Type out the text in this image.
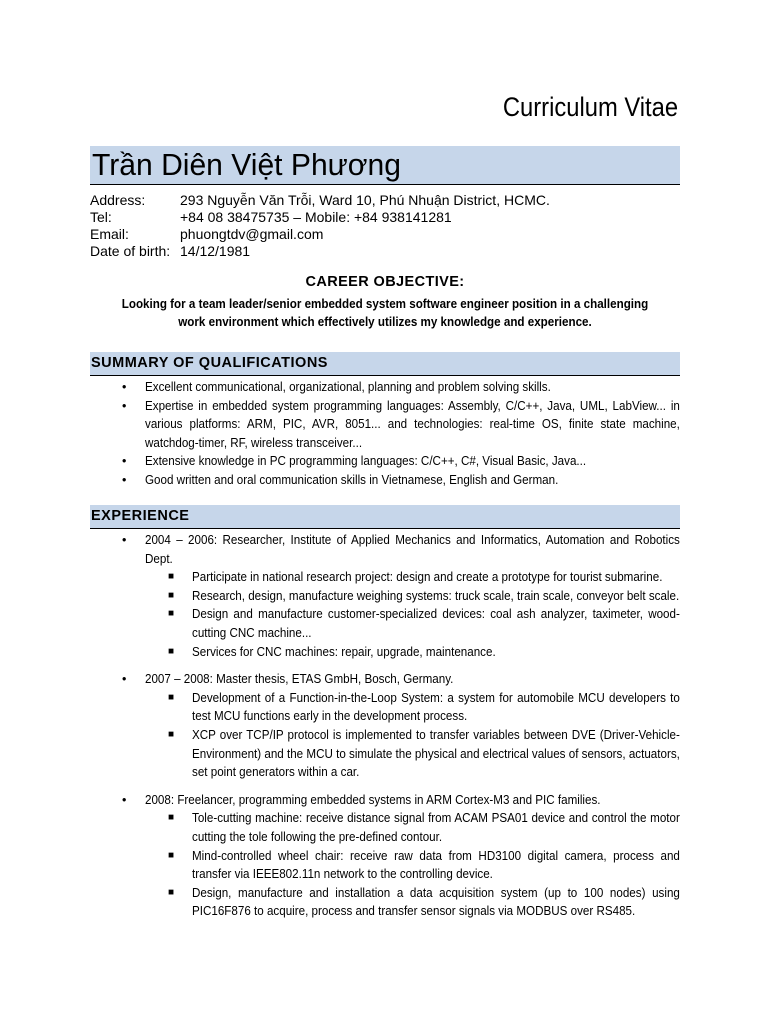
Curriculum Vitae
Trần Diên Việt Phương
Address:	293 Nguyễn Văn Trỗi, Ward 10, Phú Nhuận District, HCMC.
Tel:	+84 08 38475735 – Mobile: +84 938141281
Email:	phuongtdv@gmail.com
Date of birth: 14/12/1981
CAREER OBJECTIVE:
Looking for a team leader/senior embedded system software engineer position in a challenging work environment which effectively utilizes my knowledge and experience.
SUMMARY OF QUALIFICATIONS
• Excellent communicational, organizational, planning and problem solving skills.
• Expertise in embedded system programming languages: Assembly, C/C++, Java, UML, LabView... in various platforms: ARM, PIC, AVR, 8051... and technologies: real-time OS, finite state machine, watchdog-timer, RF, wireless transceiver...
• Extensive knowledge in PC programming languages: C/C++, C#, Visual Basic, Java...
• Good written and oral communication skills in Vietnamese, English and German.
EXPERIENCE
• 2004 – 2006: Researcher, Institute of Applied Mechanics and Informatics, Automation and Robotics Dept.
■ Participate in national research project: design and create a prototype for tourist submarine.
■ Research, design, manufacture weighing systems: truck scale, train scale, conveyor belt scale.
■ Design and manufacture customer-specialized devices: coal ash analyzer, taximeter, wood-cutting CNC machine...
■ Services for CNC machines: repair, upgrade, maintenance.
• 2007 – 2008: Master thesis, ETAS GmbH, Bosch, Germany.
■ Development of a Function-in-the-Loop System: a system for automobile MCU developers to test MCU functions early in the development process.
■ XCP over TCP/IP protocol is implemented to transfer variables between DVE (Driver-Vehicle-Environment) and the MCU to simulate the physical and electrical values of sensors, actuators, set point generators within a car.
• 2008: Freelancer, programming embedded systems in ARM Cortex-M3 and PIC families.
■ Tole-cutting machine: receive distance signal from ACAM PSA01 device and control the motor cutting the tole following the pre-defined contour.
■ Mind-controlled wheel chair: receive raw data from HD3100 digital camera, process and transfer via IEEE802.11n network to the controlling device.
■ Design, manufacture and installation a data acquisition system (up to 100 nodes) using PIC16F876 to acquire, process and transfer sensor signals via MODBUS over RS485.
